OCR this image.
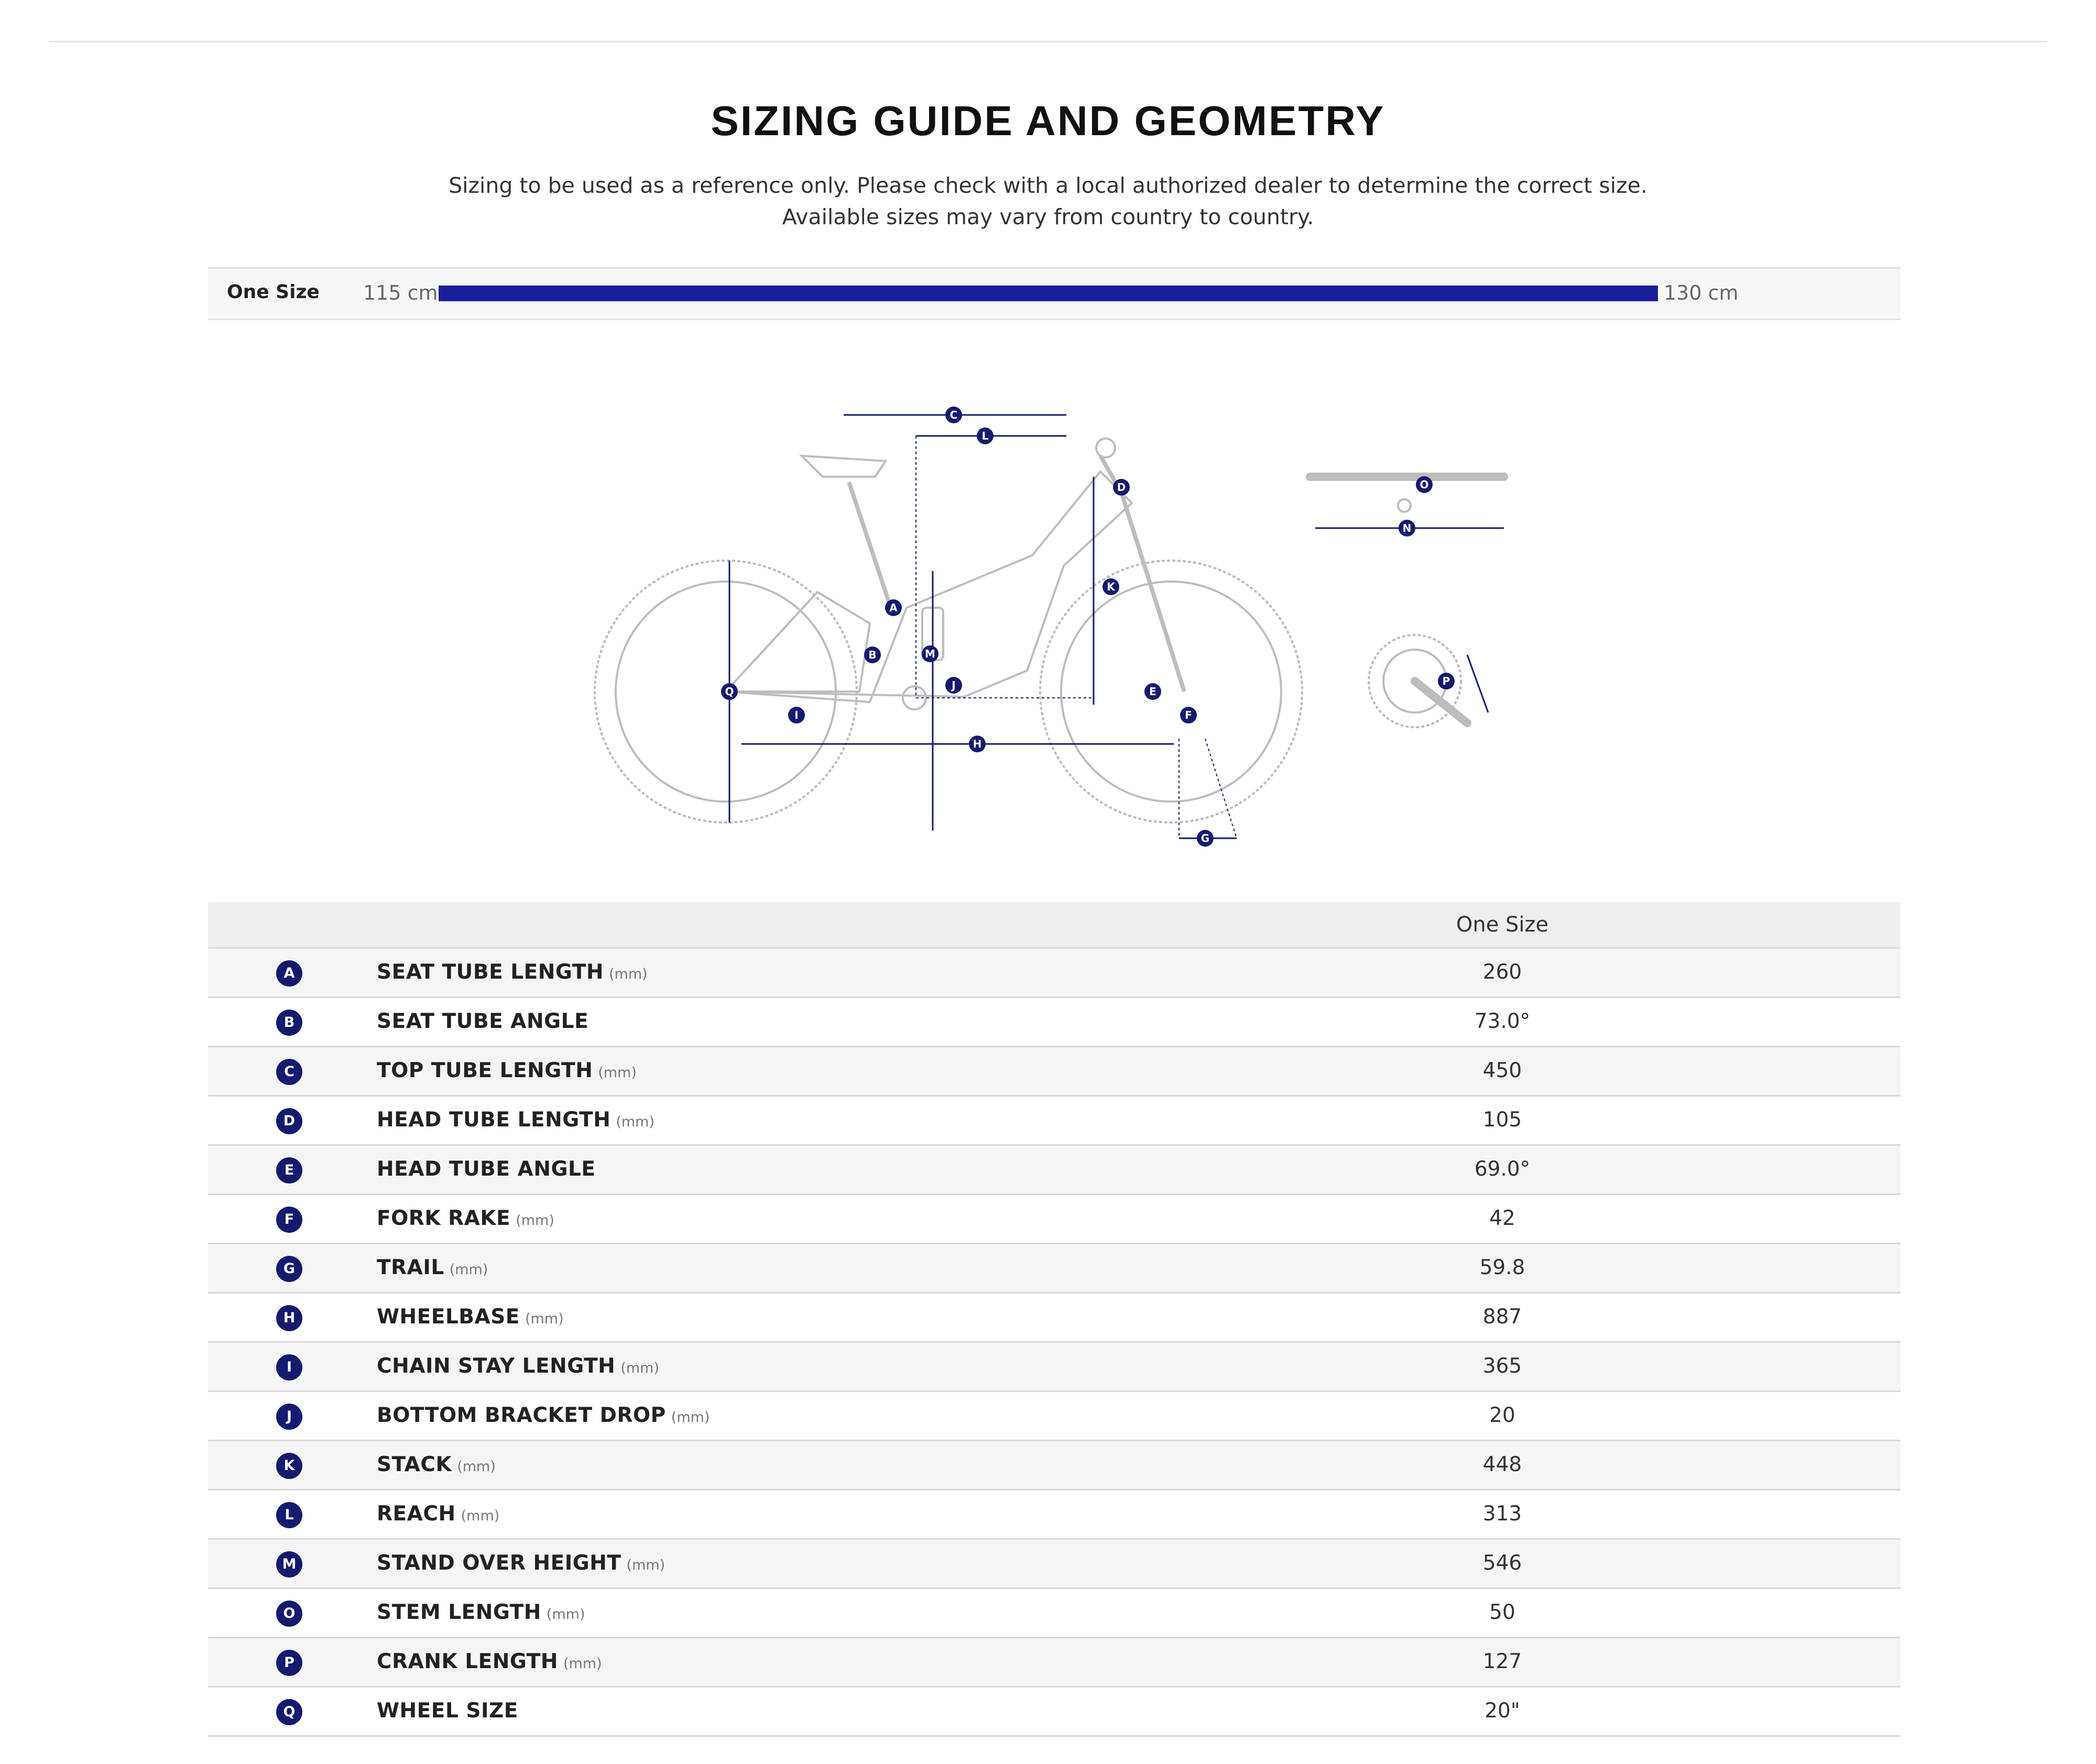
SIZING GUIDE AND GEOMETRY
Sizing to be used as a reference only. Please check with a local authorized dealer to determine the correct size.
Available sizes may vary from country to country.
One Size 115 cm	130 cm
C
L
D
K
A
B	M
J
Q
I
H
E
F
G
O
N
P
One Size
A	SEAT TUBE LENGTH (mm)	260
B	SEAT TUBE ANGLE	73.0°
C	TOP TUBE LENGTH (mm)	450
D	HEAD TUBE LENGTH (mm)	105
E	HEAD TUBE ANGLE	69.0°
F	FORK RAKE (mm)	42
G	TRAIL (mm)	59.8
H	WHEELBASE (mm)	887
I	CHAIN STAY LENGTH (mm)	365
J	BOTTOM BRACKET DROP (mm)	20
K	STACK (mm)	448
L	REACH (mm)	313
M	STAND OVER HEIGHT (mm)	546
O	STEM LENGTH (mm)	50
P	CRANK LENGTH (mm)	127
Q	WHEEL SIZE	20"
